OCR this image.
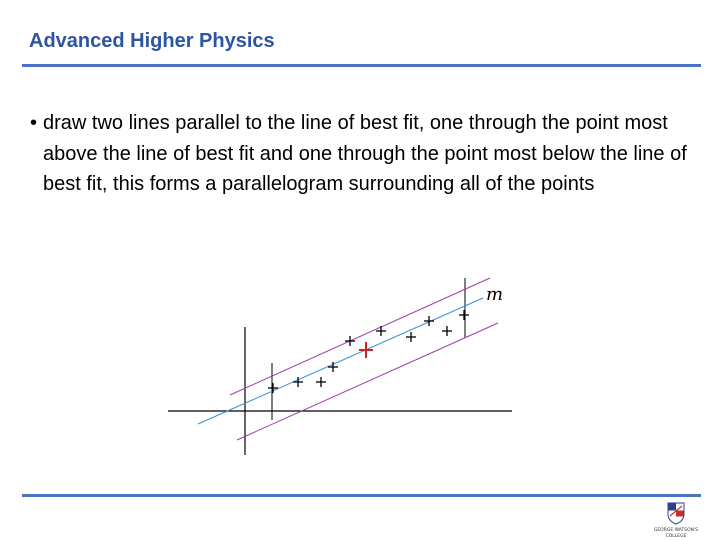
Advanced Higher Physics
• draw two lines parallel to the line of best fit, one through the point most above the line of best fit and one through the point most below the line of best fit, this forms a parallelogram surrounding all of the points
m
GEORGE WATSON'S
COLLEGE
